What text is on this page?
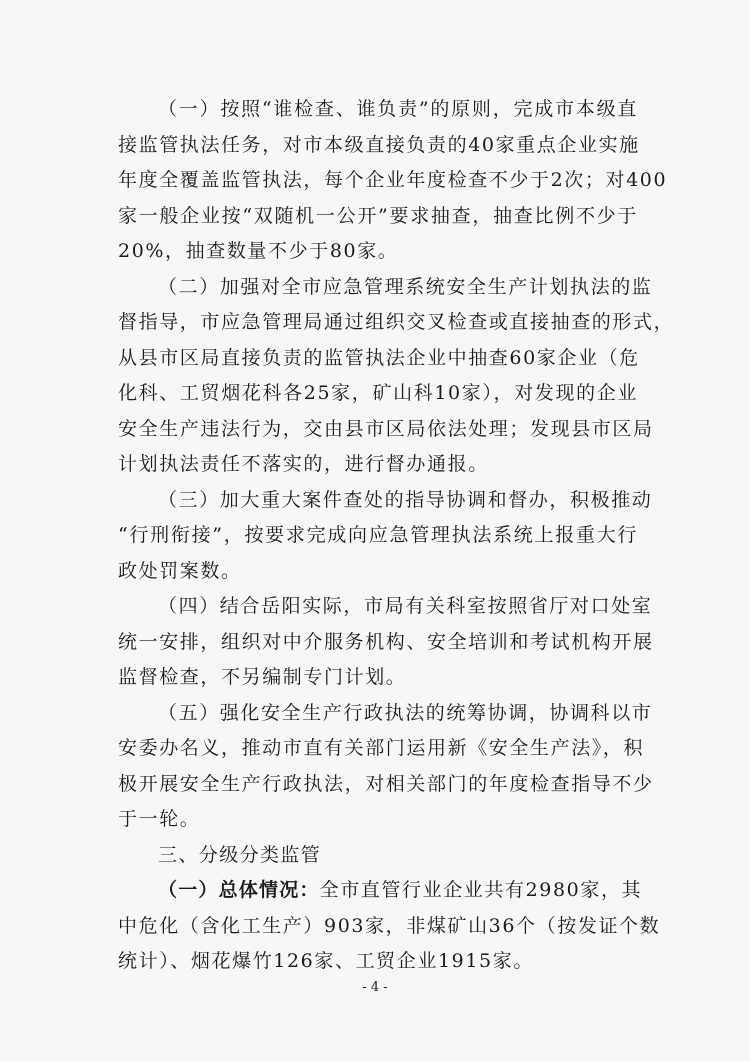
（一）按照“谁检查、谁负责”的原则，完成市本级直
接监管执法任务，对市本级直接负责的40家重点企业实施
年度全覆盖监管执法，每个企业年度检查不少于2次；对400
家一般企业按“双随机一公开”要求抽查，抽查比例不少于
20%，抽查数量不少于80家。
（二）加强对全市应急管理系统安全生产计划执法的监
督指导，市应急管理局通过组织交叉检查或直接抽查的形式，
从县市区局直接负责的监管执法企业中抽查60家企业（危
化科、工贸烟花科各25家，矿山科10家），对发现的企业
安全生产违法行为，交由县市区局依法处理；发现县市区局
计划执法责任不落实的，进行督办通报。
（三）加大重大案件查处的指导协调和督办，积极推动
“行刑衔接”，按要求完成向应急管理执法系统上报重大行
政处罚案数。
（四）结合岳阳实际，市局有关科室按照省厅对口处室
统一安排，组织对中介服务机构、安全培训和考试机构开展
监督检查，不另编制专门计划。
（五）强化安全生产行政执法的统筹协调，协调科以市
安委办名义，推动市直有关部门运用新《安全生产法》，积
极开展安全生产行政执法，对相关部门的年度检查指导不少
于一轮。
三、分级分类监管
（一）总体情况：全市直管行业企业共有2980家，其
中危化（含化工生产）903家，非煤矿山36个（按发证个数
统计）、烟花爆竹126家、工贸企业1915家。
- 4 -
